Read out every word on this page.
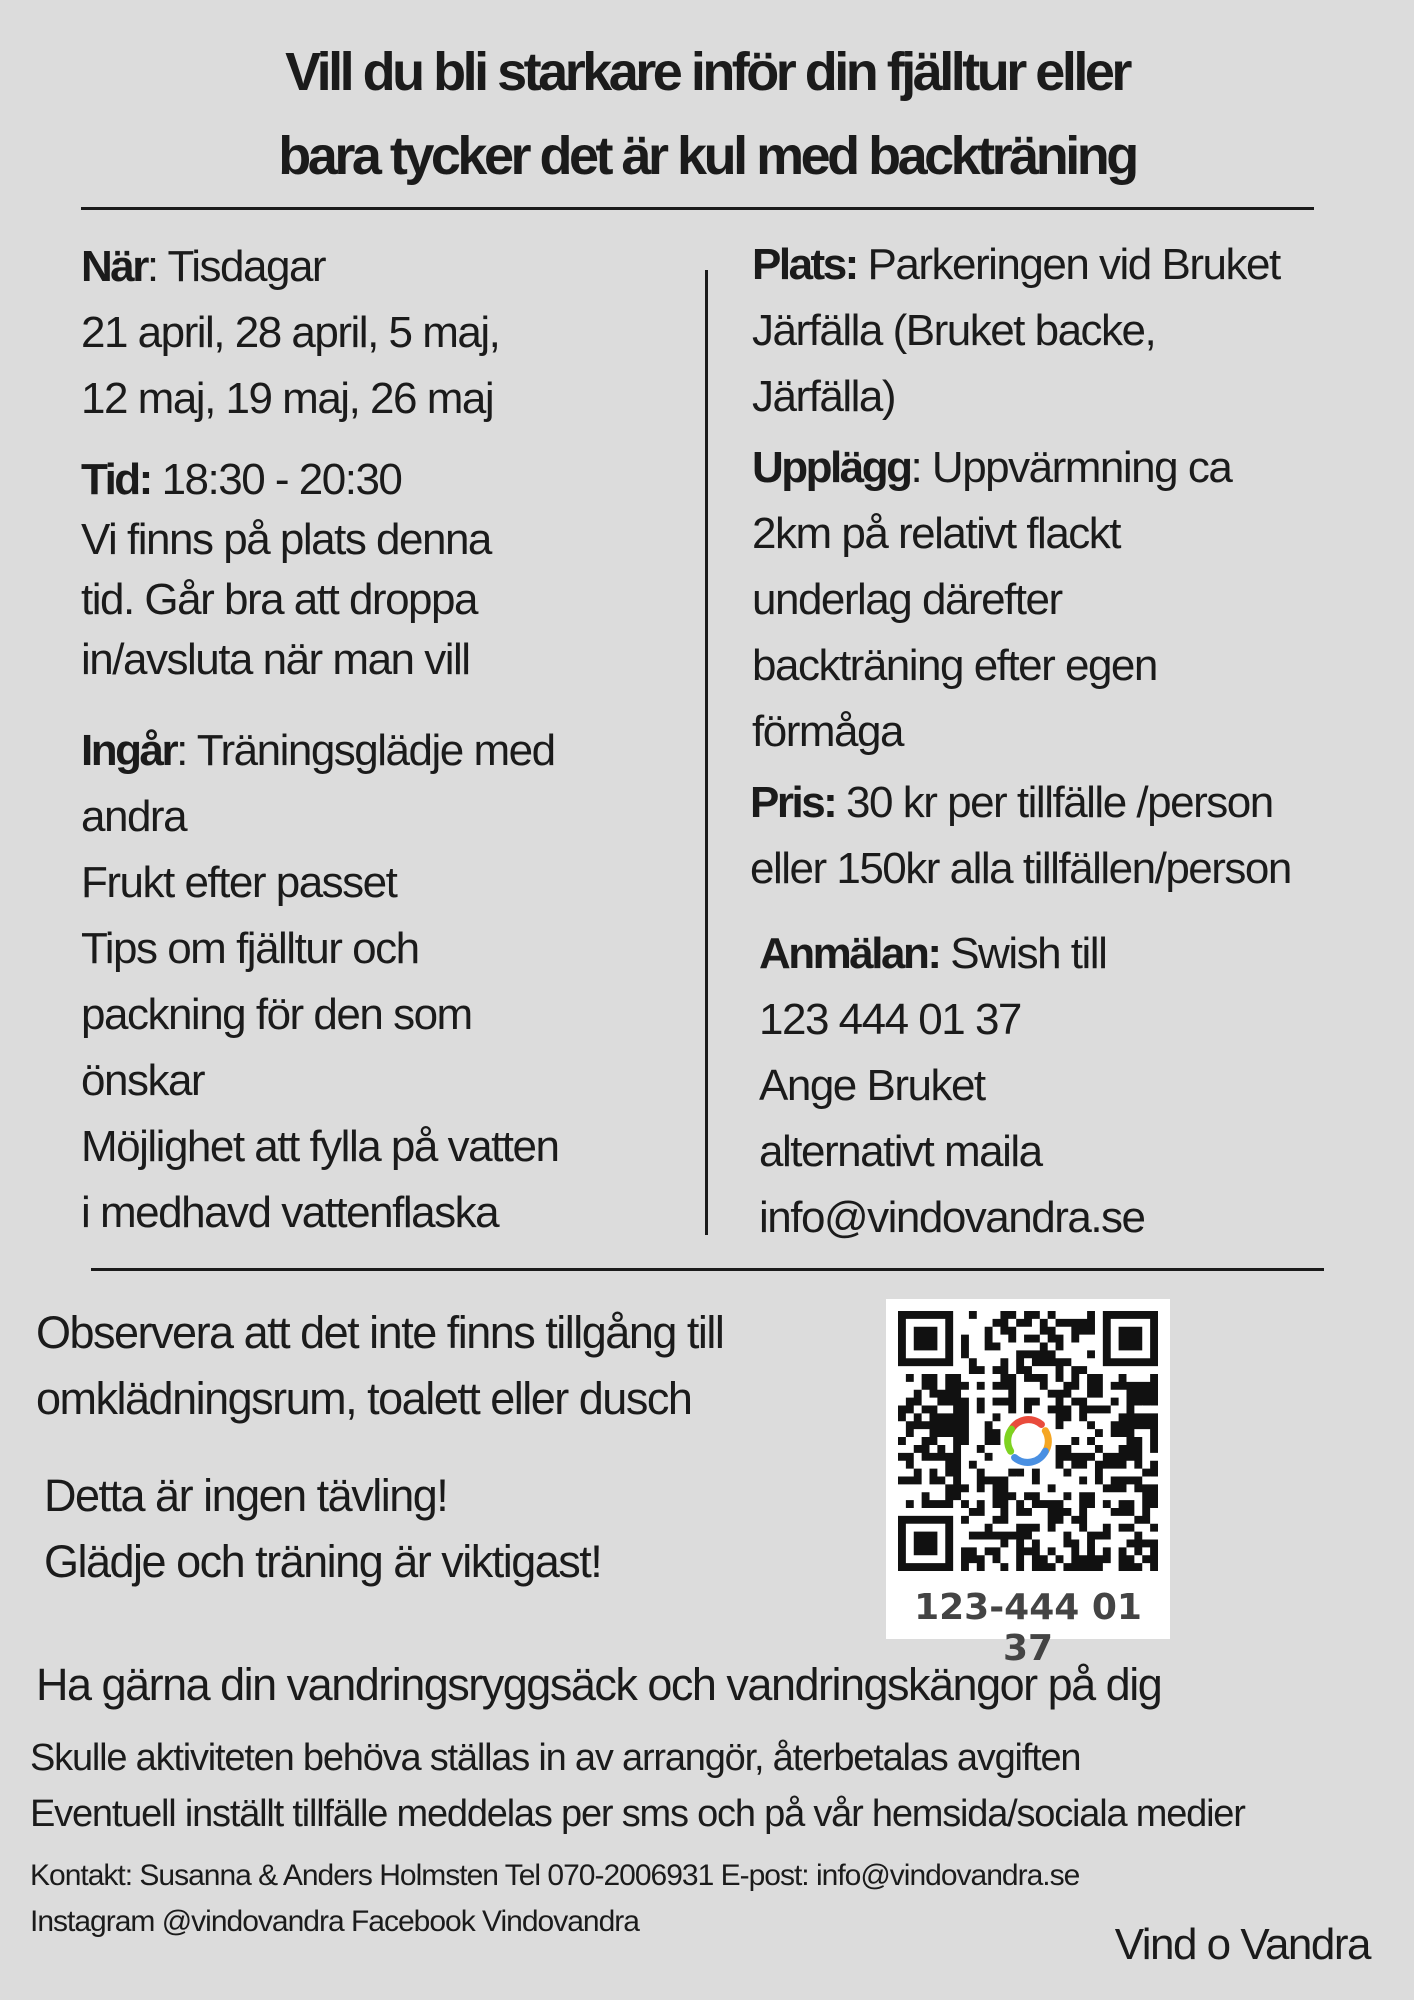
Vill du bli starkare inför din fjälltur eller
bara tycker det är kul med backträning
När: Tisdagar
21 april, 28 april, 5 maj,
12 maj, 19 maj, 26 maj
Tid: 18:30 - 20:30
Vi finns på plats denna
tid. Går bra att droppa
in/avsluta när man vill
Ingår: Träningsglädje med
andra
Frukt efter passet
Tips om fjälltur och
packning för den som
önskar
Möjlighet att fylla på vatten
i medhavd vattenflaska
Plats: Parkeringen vid Bruket
Järfälla (Bruket backe,
Järfälla)
Upplägg: Uppvärmning ca
2km på relativt flackt
underlag därefter
backträning efter egen
förmåga
Pris: 30 kr per tillfälle /person
eller 150kr alla tillfällen/person
Anmälan: Swish till
123 444 01 37
Ange Bruket
alternativt maila
info@vindovandra.se
Observera att det inte finns tillgång till
omklädningsrum, toalett eller dusch
Detta är ingen tävling!
Glädje och träning är viktigast!
123-444 01 37
Ha gärna din vandringsryggsäck och vandringskängor på dig
Skulle aktiviteten behöva ställas in av arrangör, återbetalas avgiften
Eventuell inställt tillfälle meddelas per sms och på vår hemsida/sociala medier
Kontakt: Susanna & Anders Holmsten Tel 070-2006931 E-post: info@vindovandra.se
Instagram @vindovandra Facebook Vindovandra	Vind o Vandra
